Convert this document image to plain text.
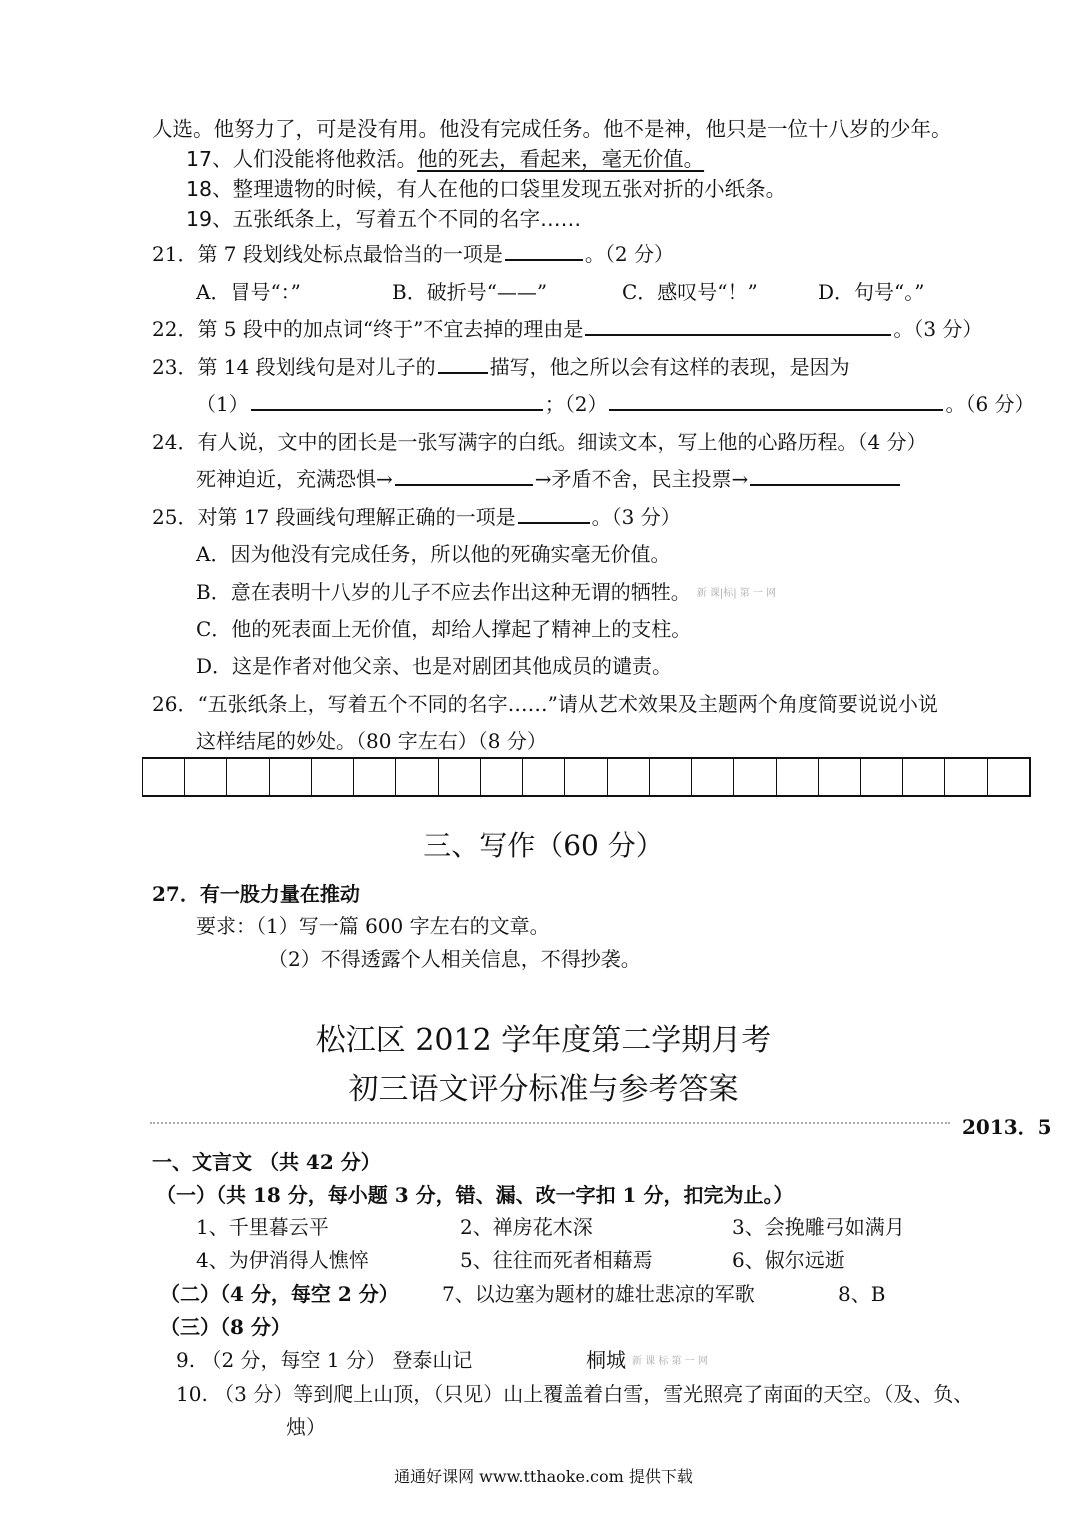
人选。他努力了，可是没有用。他没有完成任务。他不是神，他只是一位十八岁的少年。
17、人们没能将他救活。他的死去，看起来，毫无价值。
18、整理遗物的时候，有人在他的口袋里发现五张对折的小纸条。
19、五张纸条上，写着五个不同的名字……
21．第 7 段划线处标点最恰当的一项是	。（2 分）
A．冒号“：”	B．破折号“——”	C．感叹号“！”	D．句号“。”
22．第 5 段中的加点词“终于”不宜去掉的理由是	。（3 分）
23．第 14 段划线句是对儿子的	描写，他之所以会有这样的表现，是因为
（1）	；（2）	。（6 分）
24．有人说，文中的团长是一张写满字的白纸。细读文本，写上他的心路历程。（4 分）
死神迫近，充满恐惧→	→矛盾不舍，民主投票→
25．对第 17 段画线句理解正确的一项是	。（3 分）
A．因为他没有完成任务，所以他的死确实毫无价值。
B．意在表明十八岁的儿子不应去作出这种无谓的牺牲。 新 课|标| 第 一 网
C．他的死表面上无价值，却给人撑起了精神上的支柱。
D．这是作者对他父亲、也是对剧团其他成员的谴责。
26．“五张纸条上，写着五个不同的名字……”请从艺术效果及主题两个角度简要说说小说
这样结尾的妙处。（80 字左右）（8 分）
三、写作（60 分）
27．有一股力量在推动
要求：（1）写一篇 600 字左右的文章。
（2）不得透露个人相关信息，不得抄袭。
松江区 2012 学年度第二学期月考
初三语文评分标准与参考答案
2013．5
一、文言文 （共 42 分）
（一）（共 18 分，每小题 3 分，错、漏、改一字扣 1 分，扣完为止。）
1、千里暮云平	2、禅房花木深	3、会挽雕弓如满月
4、为伊消得人憔悴	5、往往而死者相藉焉	6、俶尔远逝
（二）（4 分，每空 2 分） 7、以边塞为题材的雄壮悲凉的军歌	8、B
（三）（8 分）
9. （2 分，每空 1 分） 登泰山记	桐城 新 课 标 第 一 网
10. （3 分）等到爬上山顶，（只见）山上覆盖着白雪，雪光照亮了南面的天空。（及、负、
烛）
通通好课网 www.tthaoke.com 提供下载
